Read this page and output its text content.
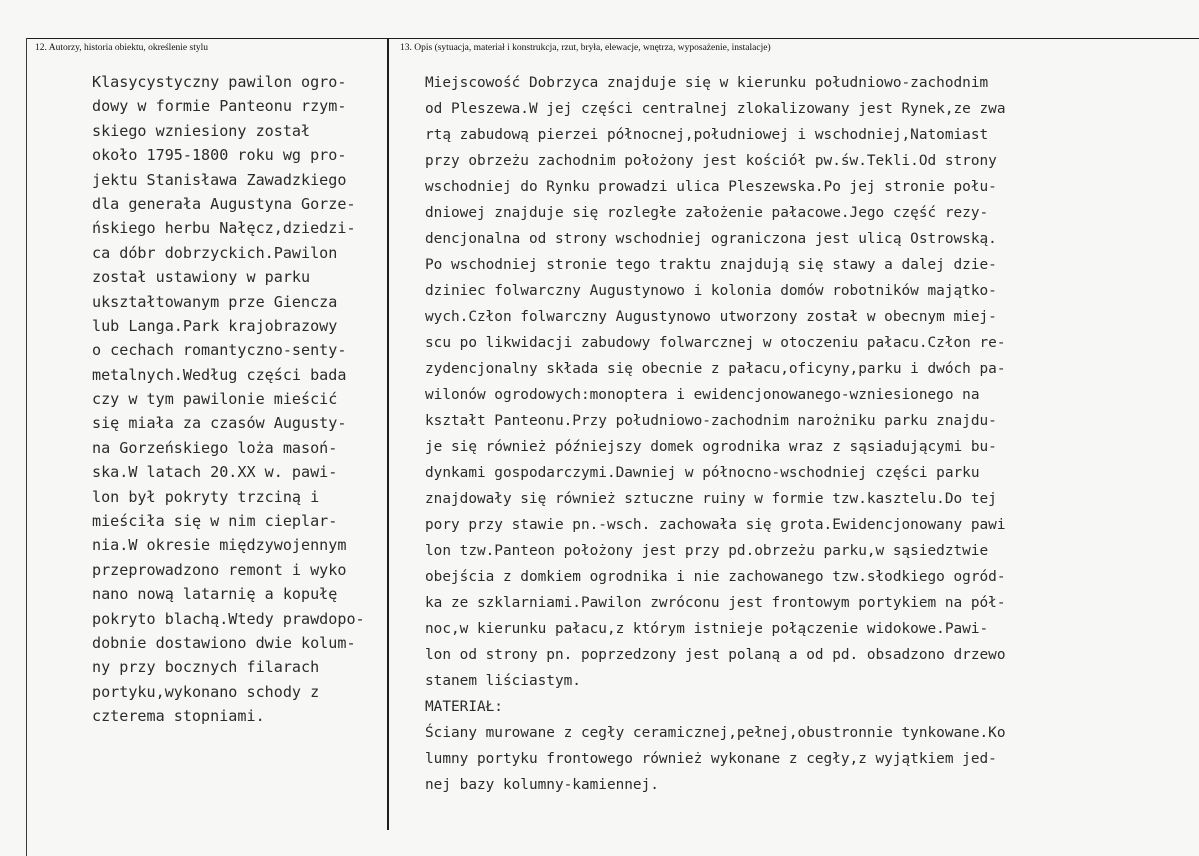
12. Autorzy, historia obiektu, określenie stylu	13. Opis (sytuacja, materiał i konstrukcja, rzut, bryła, elewacje, wnętrza, wyposażenie, instalacje)
Klasycystyczny pawilon ogro-
dowy w formie Panteonu rzym-
skiego wzniesiony został
około 1795-1800 roku wg pro-
jektu Stanisława Zawadzkiego
dla generała Augustyna Gorze-
ńskiego herbu Nałęcz,dziedzi-
ca dóbr dobrzyckich.Pawilon
został ustawiony w parku
ukształtowanym prze Giencza
lub Langa.Park krajobrazowy
o cechach romantyczno-senty-
metalnych.Według części bada
czy w tym pawilonie mieścić
się miała za czasów Augusty-
na Gorzeńskiego loża masoń-
ska.W latach 20.XX w. pawi-
lon był pokryty trzciną i
mieściła się w nim cieplar-
nia.W okresie międzywojennym
przeprowadzono remont i wyko
nano nową latarnię a kopułę
pokryto blachą.Wtedy prawdopo-
dobnie dostawiono dwie kolum-
ny przy bocznych filarach
portyku,wykonano schody z
czterema stopniami.
Miejscowość Dobrzyca znajduje się w kierunku południowo-zachodnim
od Pleszewa.W jej części centralnej zlokalizowany jest Rynek,ze zwa
rtą zabudową pierzei północnej,południowej i wschodniej,Natomiast
przy obrzeżu zachodnim położony jest kościół pw.św.Tekli.Od strony
wschodniej do Rynku prowadzi ulica Pleszewska.Po jej stronie połu-
dniowej znajduje się rozległe założenie pałacowe.Jego część rezy-
dencjonalna od strony wschodniej ograniczona jest ulicą Ostrowską.
Po wschodniej stronie tego traktu znajdują się stawy a dalej dzie-
dziniec folwarczny Augustynowo i kolonia domów robotników majątko-
wych.Człon folwarczny Augustynowo utworzony został w obecnym miej-
scu po likwidacji zabudowy folwarcznej w otoczeniu pałacu.Człon re-
zydencjonalny składa się obecnie z pałacu,oficyny,parku i dwóch pa-
wilonów ogrodowych:monoptera i ewidencjonowanego-wzniesionego na
kształt Panteonu.Przy południowo-zachodnim narożniku parku znajdu-
je się również późniejszy domek ogrodnika wraz z sąsiadującymi bu-
dynkami gospodarczymi.Dawniej w północno-wschodniej części parku
znajdowały się również sztuczne ruiny w formie tzw.kasztelu.Do tej
pory przy stawie pn.-wsch. zachowała się grota.Ewidencjonowany pawi
lon tzw.Panteon położony jest przy pd.obrzeżu parku,w sąsiedztwie
obejścia z domkiem ogrodnika i nie zachowanego tzw.słodkiego ogród-
ka ze szklarniami.Pawilon zwróconu jest frontowym portykiem na pół-
noc,w kierunku pałacu,z którym istnieje połączenie widokowe.Pawi-
lon od strony pn. poprzedzony jest polaną a od pd. obsadzono drzewo
stanem liściastym.
MATERIAŁ:
Ściany murowane z cegły ceramicznej,pełnej,obustronnie tynkowane.Ko
lumny portyku frontowego również wykonane z cegły,z wyjątkiem jed-
nej bazy kolumny-kamiennej.
